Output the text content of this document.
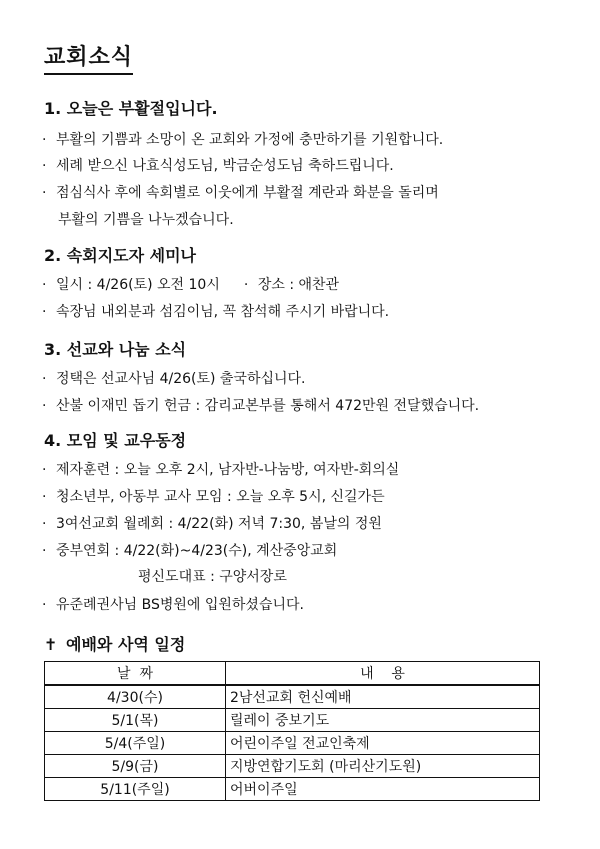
교회소식
1. 오늘은 부활절입니다.
· 부활의 기쁨과 소망이 온 교회와 가정에 충만하기를 기원합니다.
· 세례 받으신 나효식성도님, 박금순성도님 축하드립니다.
· 점심식사 후에 속회별로 이웃에게 부활절 계란과 화분을 돌리며
부활의 기쁨을 나누겠습니다.
2. 속회지도자 세미나
· 일시 : 4/26(토) 오전 10시 · 장소 : 애찬관
· 속장님 내외분과 섬김이님, 꼭 참석해 주시기 바랍니다.
3. 선교와 나눔 소식
· 정택은 선교사님 4/26(토) 출국하십니다.
· 산불 이재민 돕기 헌금 : 감리교본부를 통해서 472만원 전달했습니다.
4. 모임 및 교우동정
· 제자훈련 : 오늘 오후 2시, 남자반-나눔방, 여자반-회의실
· 청소년부, 아동부 교사 모임 : 오늘 오후 5시, 신길가든
· 3여선교회 월례회 : 4/22(화) 저녁 7:30, 봄날의 정원
· 중부연회 : 4/22(화)~4/23(수), 계산중앙교회
평신도대표 : 구양서장로
· 유준례권사님 BS병원에 입원하셨습니다.
✝ 예배와 사역 일정
날  짜	내    용
4/30(수)	2남선교회 헌신예배
5/1(목)	릴레이 중보기도
5/4(주일)	어린이주일 전교인축제
5/9(금)	지방연합기도회 (마리산기도원)
5/11(주일)	어버이주일
